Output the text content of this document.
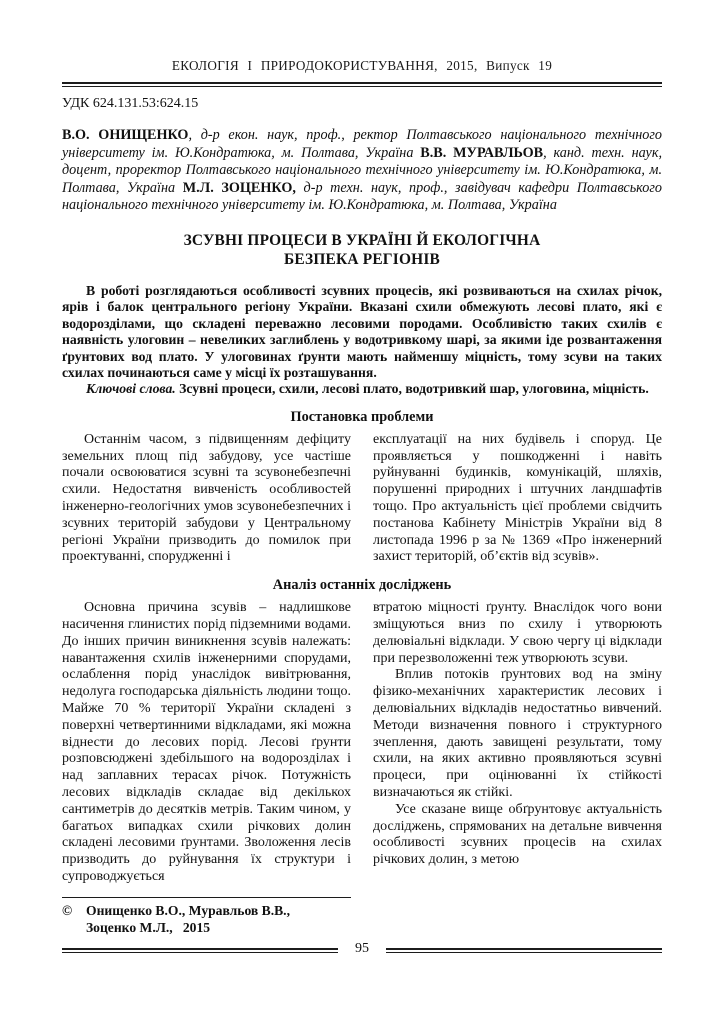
ЕКОЛОГІЯ І ПРИРОДОКОРИСТУВАННЯ, 2015, Випуск 19
УДК 624.131.53:624.15
В.О. ОНИЩЕНКО, д-р екон. наук, проф., ректор Полтавського національного технічного університету ім. Ю.Кондратюка, м. Полтава, Україна В.В. МУРАВЛЬОВ, канд. техн. наук, доцент, проректор Полтавського національного технічного університету ім. Ю.Кондратюка, м. Полтава, Україна М.Л. ЗОЦЕНКО, д-р техн. наук, проф., завідувач кафедри Полтавського національного технічного університету ім. Ю.Кондратюка, м. Полтава, Україна
ЗСУВНІ ПРОЦЕСИ В УКРАЇНІ Й ЕКОЛОГІЧНА
БЕЗПЕКА РЕГІОНІВ

В роботі розглядаються особливості зсувних процесів, які розвиваються на схилах річок, ярів і балок центрального регіону України. Вказані схили обмежують лесові плато, які є водорозділами, що складені переважно лесовими породами. Особливістю таких схилів є наявність улоговин – невеликих заглиблень у водотривкому шарі, за якими іде розвантаження ґрунтових вод плато. У улоговинах ґрунти мають найменшу міцність, тому зсуви на таких схилах починаються саме у місці їх розташування.

Ключові слова. Зсувні процеси, схили, лесові плато, водотривкий шар, улоговина, міцність.

Постановка проблеми

Останнім часом, з підвищенням дефіциту земельних площ під забудову, усе частіше почали освоюватися зсувні та зсувонебезпечні схили. Недостатня вивченість особливостей інженерно-геологічних умов зсувонебезпечних і зсувних територій забудови у Центральному регіоні України призводить до помилок при проектуванні, спорудженні і

експлуатації на них будівель і споруд. Це проявляється у пошкодженні і навіть руйнуванні будинків, комунікацій, шляхів, порушенні природних і штучних ландшафтів тощо. Про актуальність цієї проблеми свідчить постанова Кабінету Міністрів України від 8 листопада 1996 р за № 1369 «Про інженерний захист територій, об’єктів від зсувів».

Аналіз останніх досліджень

Основна причина зсувів – надлишкове насичення глинистих порід підземними водами. До інших причин виникнення зсувів належать: навантаження схилів інженерними спорудами, ослаблення порід унаслідок вивітрювання, недолуга господарська діяльність людини тощо. Майже 70 % території України складені з поверхні четвертинними відкладами, які можна віднести до лесових порід. Лесові ґрунти розповсюджені здебільшого на водорозділах і над заплавних терасах річок. Потужність лесових відкладів складає від декількох сантиметрів до десятків метрів. Таким чином, у багатьох випадках схили річкових долин складені лесовими ґрунтами. Зволоження лесів призводить до руйнування їх структури і супроводжується

©	Онищенко В.О., Муравльов В.В.,
Зоценко М.Л.,   2015

втратою міцності ґрунту. Внаслідок чого вони зміщуються вниз по схилу і утворюють делювіальні відклади. У свою чергу ці відклади при перезволоженні теж утворюють зсуви.

Вплив потоків ґрунтових вод на зміну фізико-механічних характеристик лесових і делювіальних відкладів недостатньо вивчений. Методи визначення повного і структурного зчеплення, дають завищені результати, тому схили, на яких активно проявляються зсувні процеси, при оцінюванні їх стійкості визначаються як стійкі.

Усе сказане вище обґрунтовує актуальність досліджень, спрямованих на детальне вивчення особливості зсувних процесів на схилах річкових долин, з метою

95
